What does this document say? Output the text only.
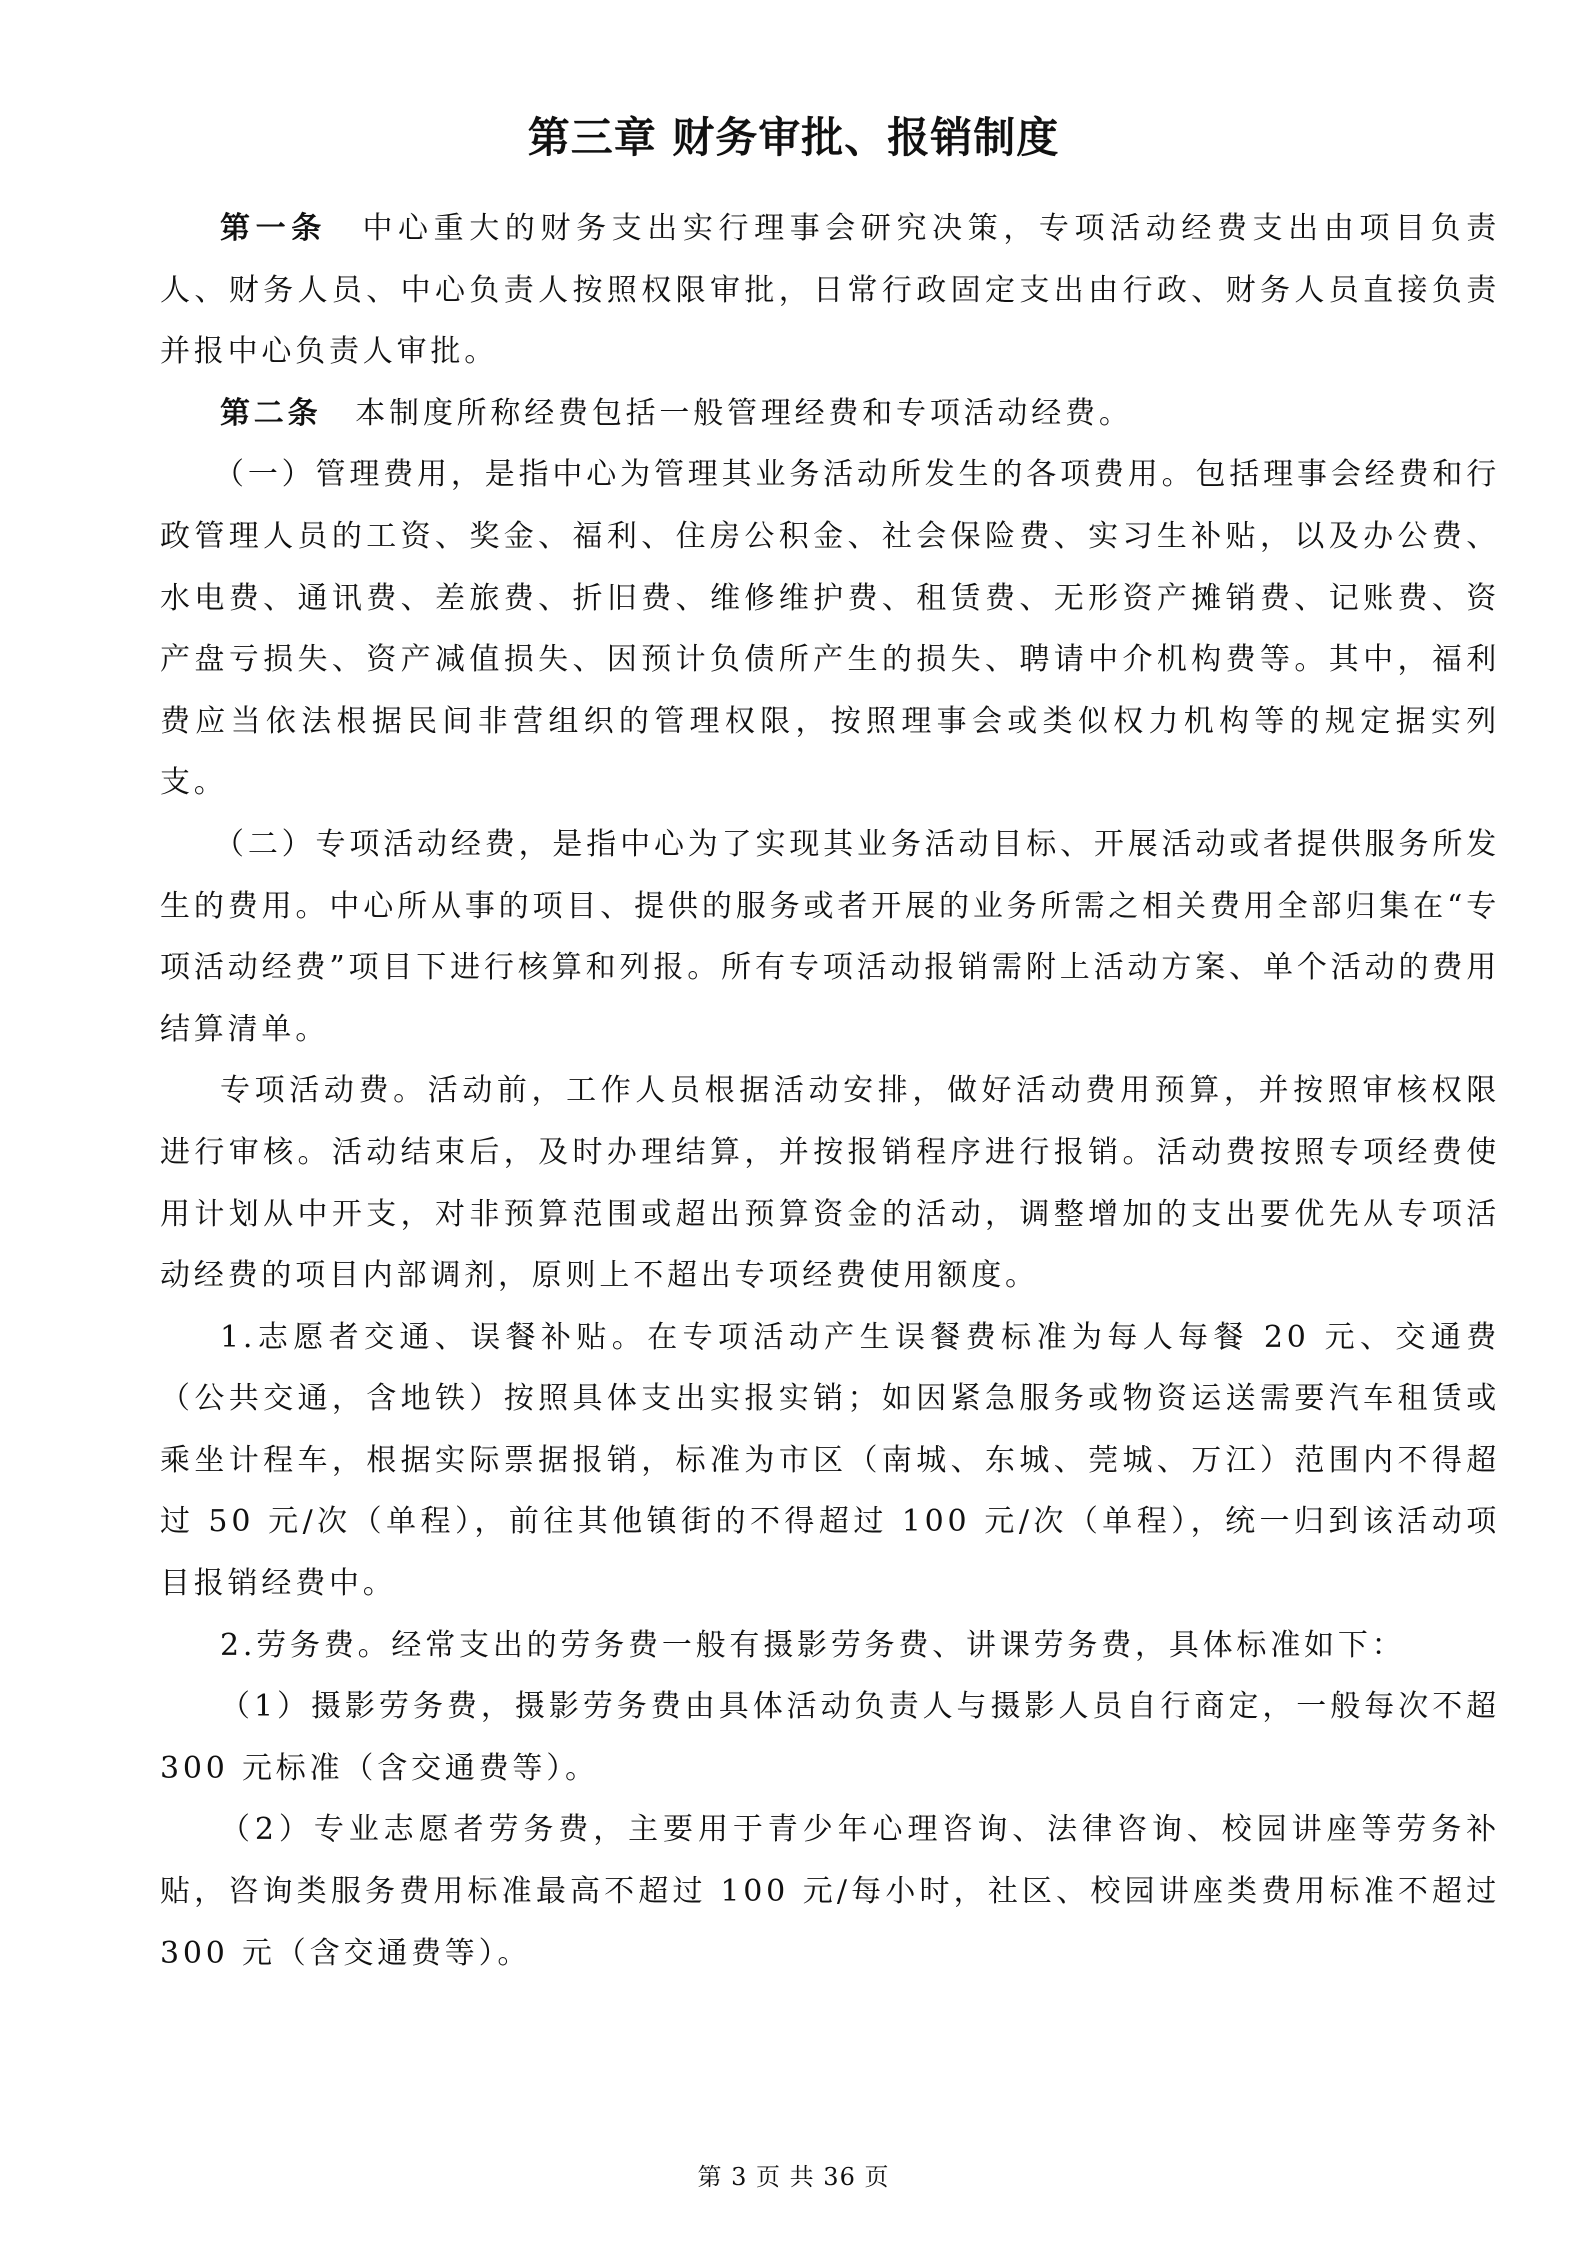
第三章 财务审批、报销制度

第一条　 中心重大的财务支出实行理事会研究决策，专项活动经费支出由项目负责人、财务人员、中心负责人按照权限审批，日常行政固定支出由行政、财务人员直接负责并报中心负责人审批。

第二条　 本制度所称经费包括一般管理经费和专项活动经费。

（一）管理费用，是指中心为管理其业务活动所发生的各项费用。包括理事会经费和行政管理人员的工资、奖金、福利、住房公积金、社会保险费、实习生补贴，以及办公费、水电费、通讯费、差旅费、折旧费、维修维护费、租赁费、无形资产摊销费、记账费、资产盘亏损失、资产减值损失、因预计负债所产生的损失、聘请中介机构费等。其中，福利费应当依法根据民间非营组织的管理权限，按照理事会或类似权力机构等的规定据实列支。

（二）专项活动经费，是指中心为了实现其业务活动目标、开展活动或者提供服务所发生的费用。中心所从事的项目、提供的服务或者开展的业务所需之相关费用全部归集在“专项活动经费”项目下进行核算和列报。所有专项活动报销需附上活动方案、单个活动的费用结算清单。

专项活动费。活动前，工作人员根据活动安排，做好活动费用预算，并按照审核权限进行审核。活动结束后，及时办理结算，并按报销程序进行报销。活动费按照专项经费使用计划从中开支，对非预算范围或超出预算资金的活动，调整增加的支出要优先从专项活动经费的项目内部调剂，原则上不超出专项经费使用额度。

1.志愿者交通、误餐补贴。在专项活动产生误餐费标准为每人每餐 20 元、交通费（公共交通，含地铁）按照具体支出实报实销；如因紧急服务或物资运送需要汽车租赁或乘坐计程车，根据实际票据报销，标准为市区（南城、东城、莞城、万江）范围内不得超过 50 元/次（单程），前往其他镇街的不得超过 100 元/次（单程），统一归到该活动项目报销经费中。

2.劳务费。经常支出的劳务费一般有摄影劳务费、讲课劳务费，具体标准如下：

（1）摄影劳务费，摄影劳务费由具体活动负责人与摄影人员自行商定，一般每次不超 300 元标准（含交通费等）。

（2）专业志愿者劳务费，主要用于青少年心理咨询、法律咨询、校园讲座等劳务补贴，咨询类服务费用标准最高不超过 100 元/每小时，社区、校园讲座类费用标准不超过 300 元（含交通费等）。

第 3 页 共 36 页
